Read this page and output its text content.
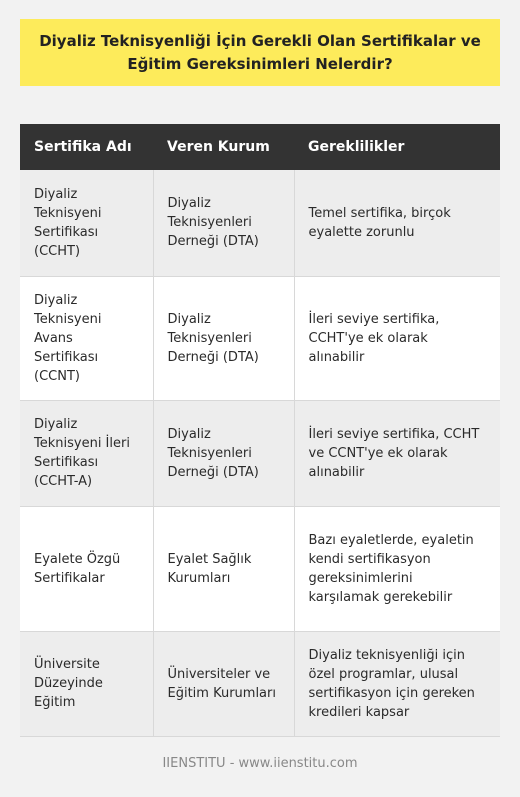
Diyaliz Teknisyenliği İçin Gerekli Olan Sertifikalar ve Eğitim Gereksinimleri Nelerdir?
Sertifika Adı	Veren Kurum	Gereklilikler
Diyaliz Teknisyeni Sertifikası (CCHT)	Diyaliz Teknisyenleri Derneği (DTA)	Temel sertifika, birçok eyalette zorunlu
Diyaliz Teknisyeni Avans Sertifikası (CCNT)	Diyaliz Teknisyenleri Derneği (DTA)	İleri seviye sertifika, CCHT'ye ek olarak alınabilir
Diyaliz Teknisyeni İleri Sertifikası (CCHT-A)	Diyaliz Teknisyenleri Derneği (DTA)	İleri seviye sertifika, CCHT ve CCNT'ye ek olarak alınabilir
Eyalete Özgü Sertifikalar	Eyalet Sağlık Kurumları	Bazı eyaletlerde, eyaletin kendi sertifikasyon gereksinimlerini karşılamak gerekebilir
Üniversite Düzeyinde Eğitim	Üniversiteler ve Eğitim Kurumları	Diyaliz teknisyenliği için özel programlar, ulusal sertifikasyon için gereken kredileri kapsar
IIENSTITU - www.iienstitu.com
